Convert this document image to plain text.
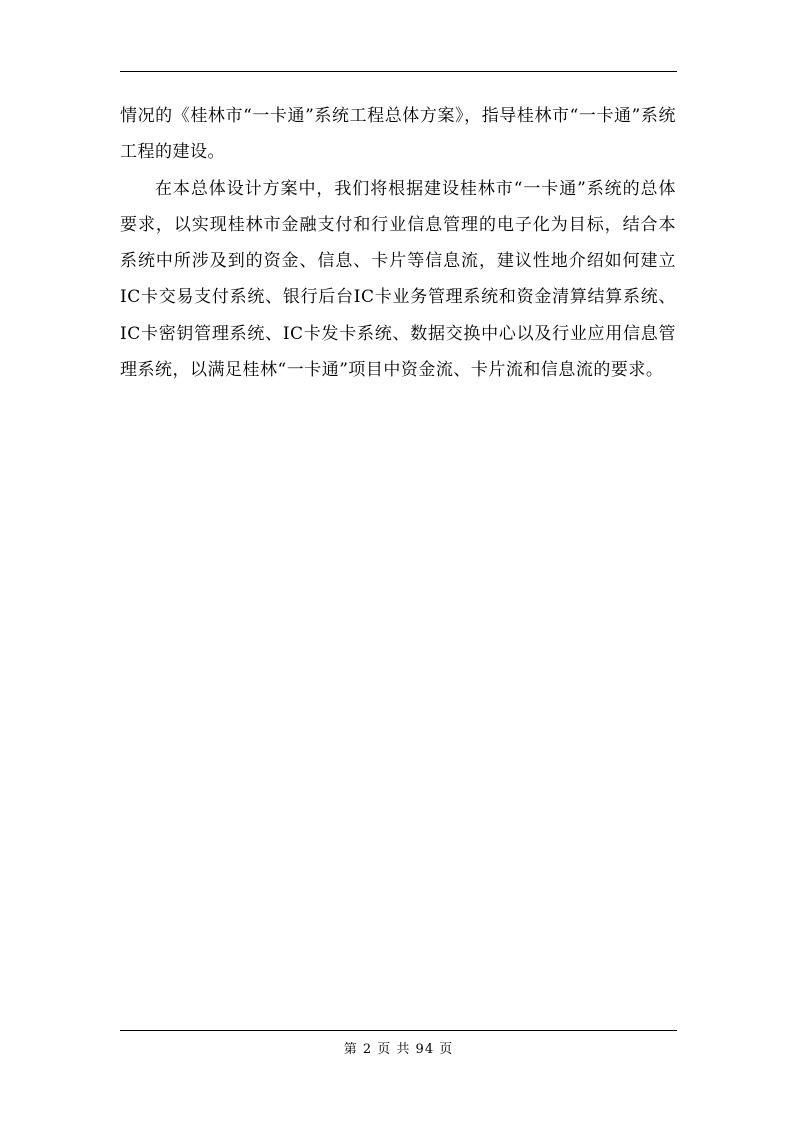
情况的《桂林市“一卡通”系统工程总体方案》，指导桂林市“一卡通”系统工程的建设。

在本总体设计方案中，我们将根据建设桂林市“一卡通”系统的总体要求，以实现桂林市金融支付和行业信息管理的电子化为目标，结合本系统中所涉及到的资金、信息、卡片等信息流，建议性地介绍如何建立IC卡交易支付系统、银行后台IC卡业务管理系统和资金清算结算系统、IC卡密钥管理系统、IC卡发卡系统、数据交换中心以及行业应用信息管理系统，以满足桂林“一卡通”项目中资金流、卡片流和信息流的要求。

第 2 页 共 94 页
